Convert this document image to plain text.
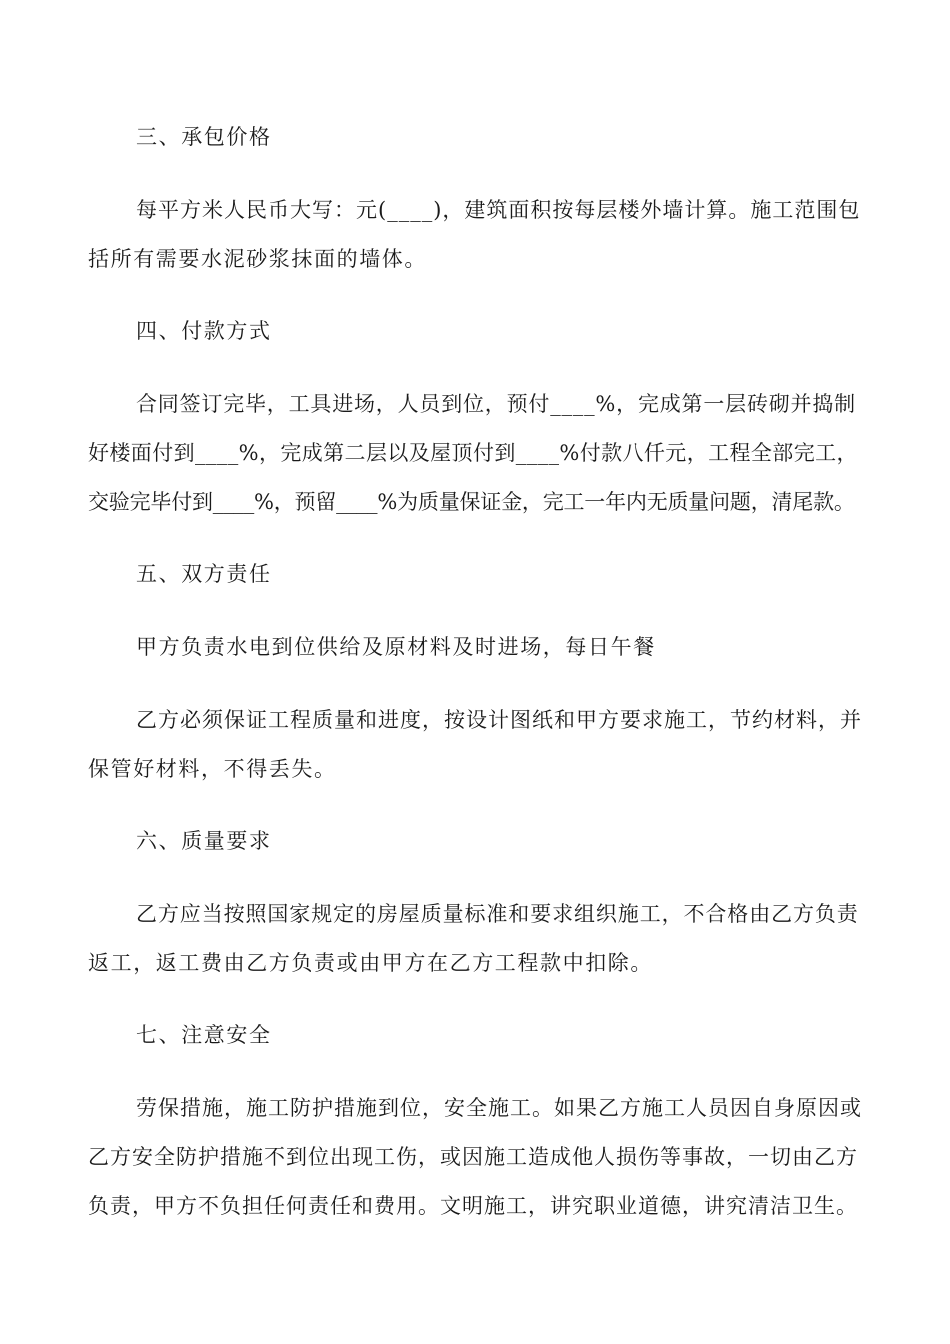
三、承包价格
每平方米人民币大写：元(____)，建筑面积按每层楼外墙计算。施工范围包
括所有需要水泥砂浆抹面的墙体。
四、付款方式
合同签订完毕，工具进场，人员到位，预付____%，完成第一层砖砌并捣制
好楼面付到____%，完成第二层以及屋顶付到____%付款八仟元，工程全部完工，
交验完毕付到____%，预留____%为质量保证金，完工一年内无质量问题，清尾款。
五、双方责任
甲方负责水电到位供给及原材料及时进场，每日午餐
乙方必须保证工程质量和进度，按设计图纸和甲方要求施工，节约材料，并
保管好材料，不得丢失。
六、质量要求
乙方应当按照国家规定的房屋质量标准和要求组织施工，不合格由乙方负责
返工，返工费由乙方负责或由甲方在乙方工程款中扣除。
七、注意安全
劳保措施，施工防护措施到位，安全施工。如果乙方施工人员因自身原因或
乙方安全防护措施不到位出现工伤，或因施工造成他人损伤等事故，一切由乙方
负责，甲方不负担任何责任和费用。文明施工，讲究职业道德，讲究清洁卫生。
